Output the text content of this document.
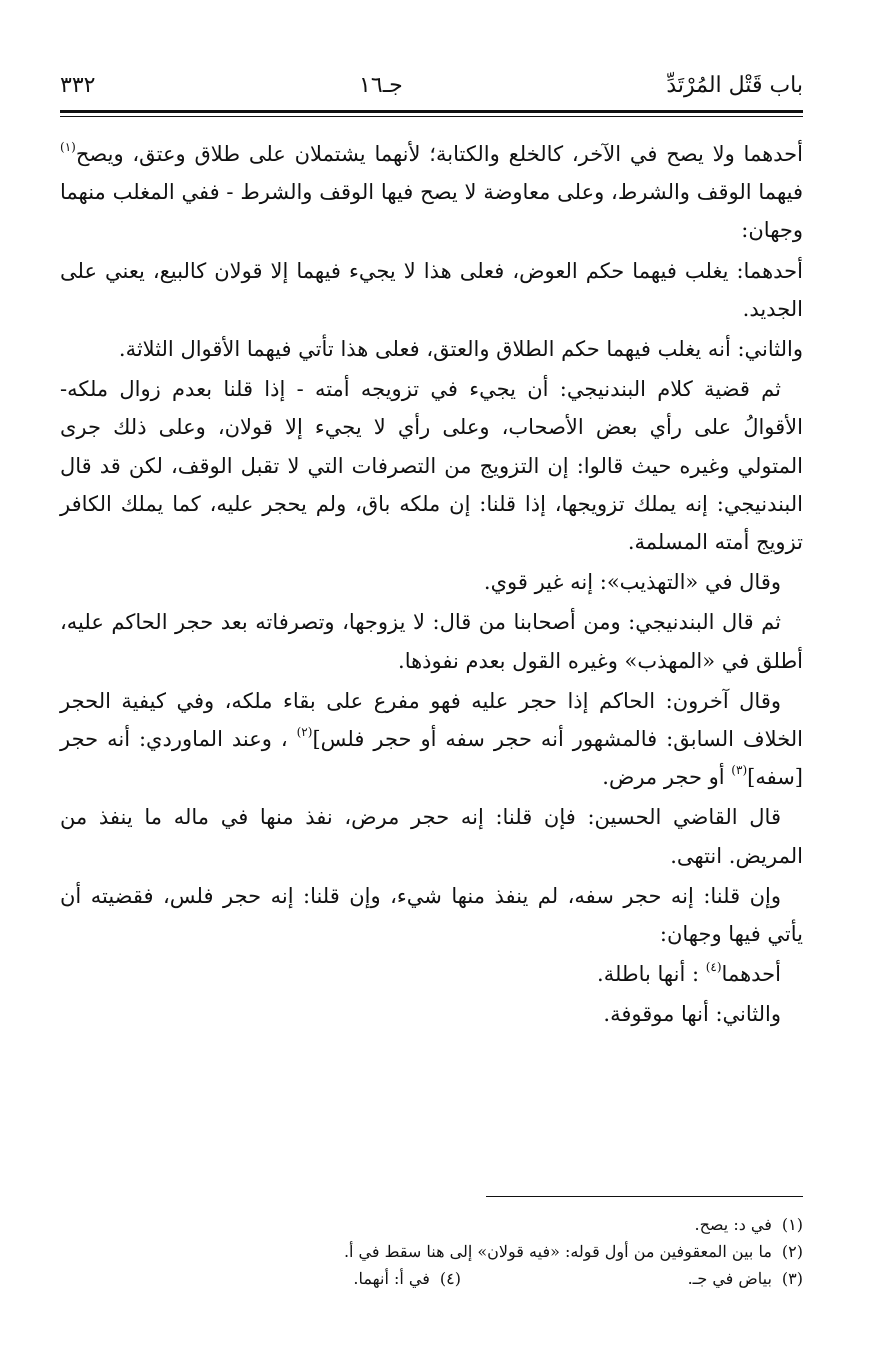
باب قَتْل المُرْتَدِّ
جـ١٦
٣٣٢

أحدهما ولا يصح في الآخر، كالخلع والكتابة؛ لأنهما يشتملان على طلاق وعتق، ويصح$^{(١)}$ فيهما الوقف والشرط، وعلى معاوضة لا يصح فيها الوقف والشرط - ففي المغلب منهما وجهان:

أحدهما: يغلب فيهما حكم العوض، فعلى هذا لا يجيء فيهما إلا قولان كالبيع، يعني على الجديد.

والثاني: أنه يغلب فيهما حكم الطلاق والعتق، فعلى هذا تأتي فيهما الأقوال الثلاثة.

ثم قضية كلام البندنيجي: أن يجيء في تزويجه أمته - إذا قلنا بعدم زوال ملكه- الأقوالُ على رأي بعض الأصحاب، وعلى رأي لا يجيء إلا قولان، وعلى ذلك جرى المتولي وغيره حيث قالوا: إن التزويج من التصرفات التي لا تقبل الوقف، لكن قد قال البندنيجي: إنه يملك تزويجها، إذا قلنا: إن ملكه باق، ولم يحجر عليه، كما يملك الكافر تزويج أمته المسلمة.

وقال في «التهذيب»: إنه غير قوي.

ثم قال البندنيجي: ومن أصحابنا من قال: لا يزوجها، وتصرفاته بعد حجر الحاكم عليه، أطلق في «المهذب» وغيره القول بعدم نفوذها.

وقال آخرون: الحاكم إذا حجر عليه فهو مفرع على بقاء ملكه، وفي كيفية الحجر الخلاف السابق: فالمشهور أنه حجر سفه أو حجر فلس]$^{(٢)}$ ، وعند الماوردي: أنه حجر [سفه]$^{(٣)}$ أو حجر مرض.

قال القاضي الحسين: فإن قلنا: إنه حجر مرض، نفذ منها في ماله ما ينفذ من المريض. انتهى.

وإن قلنا: إنه حجر سفه، لم ينفذ منها شيء، وإن قلنا: إنه حجر فلس، فقضيته أن يأتي فيها وجهان:

أحدهما$^{(٤)}$ : أنها باطلة.

والثاني: أنها موقوفة.

(١)

في د: يصح.
(٢)

ما بين المعقوفين من أول قوله: «فيه قولان» إلى هنا سقط في أ.
(٣) بياض في جـ.
(٤) في أ: أنهما.
